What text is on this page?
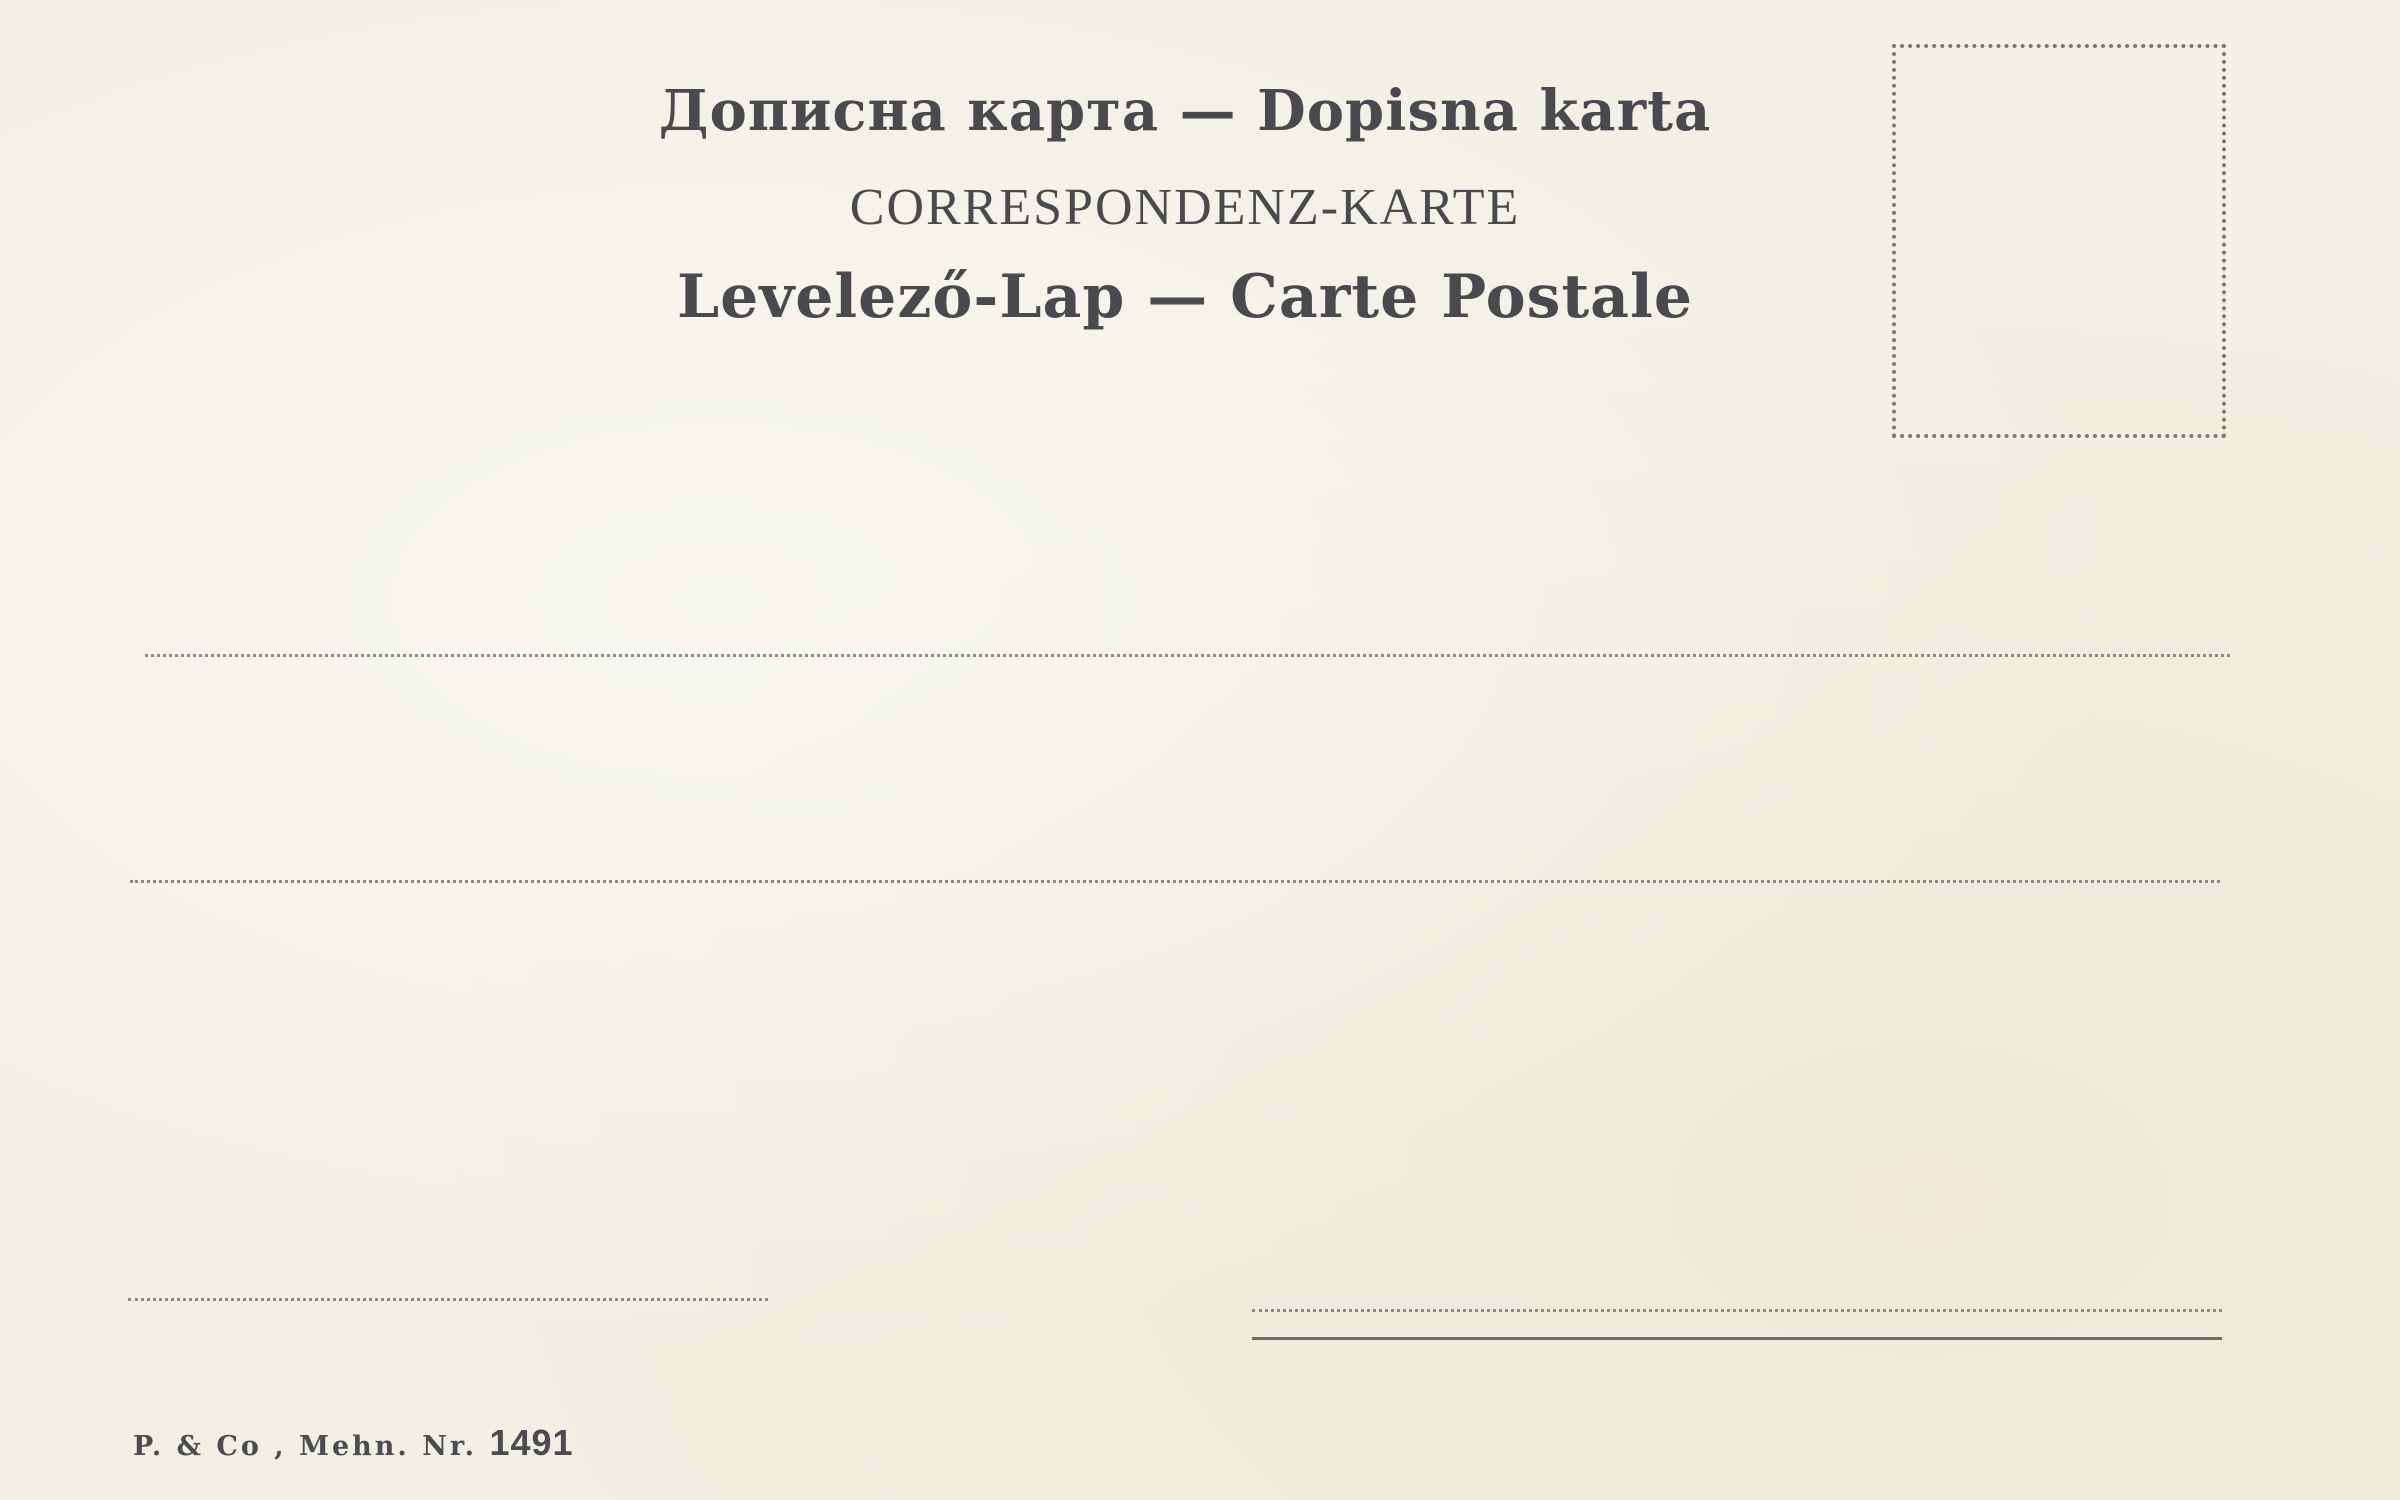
Дописна карта — Dopisna karta
CORRESPONDENZ-KARTE
Levelező-Lap — Carte Postale
P. & Co , Mehn. Nr. 1491
